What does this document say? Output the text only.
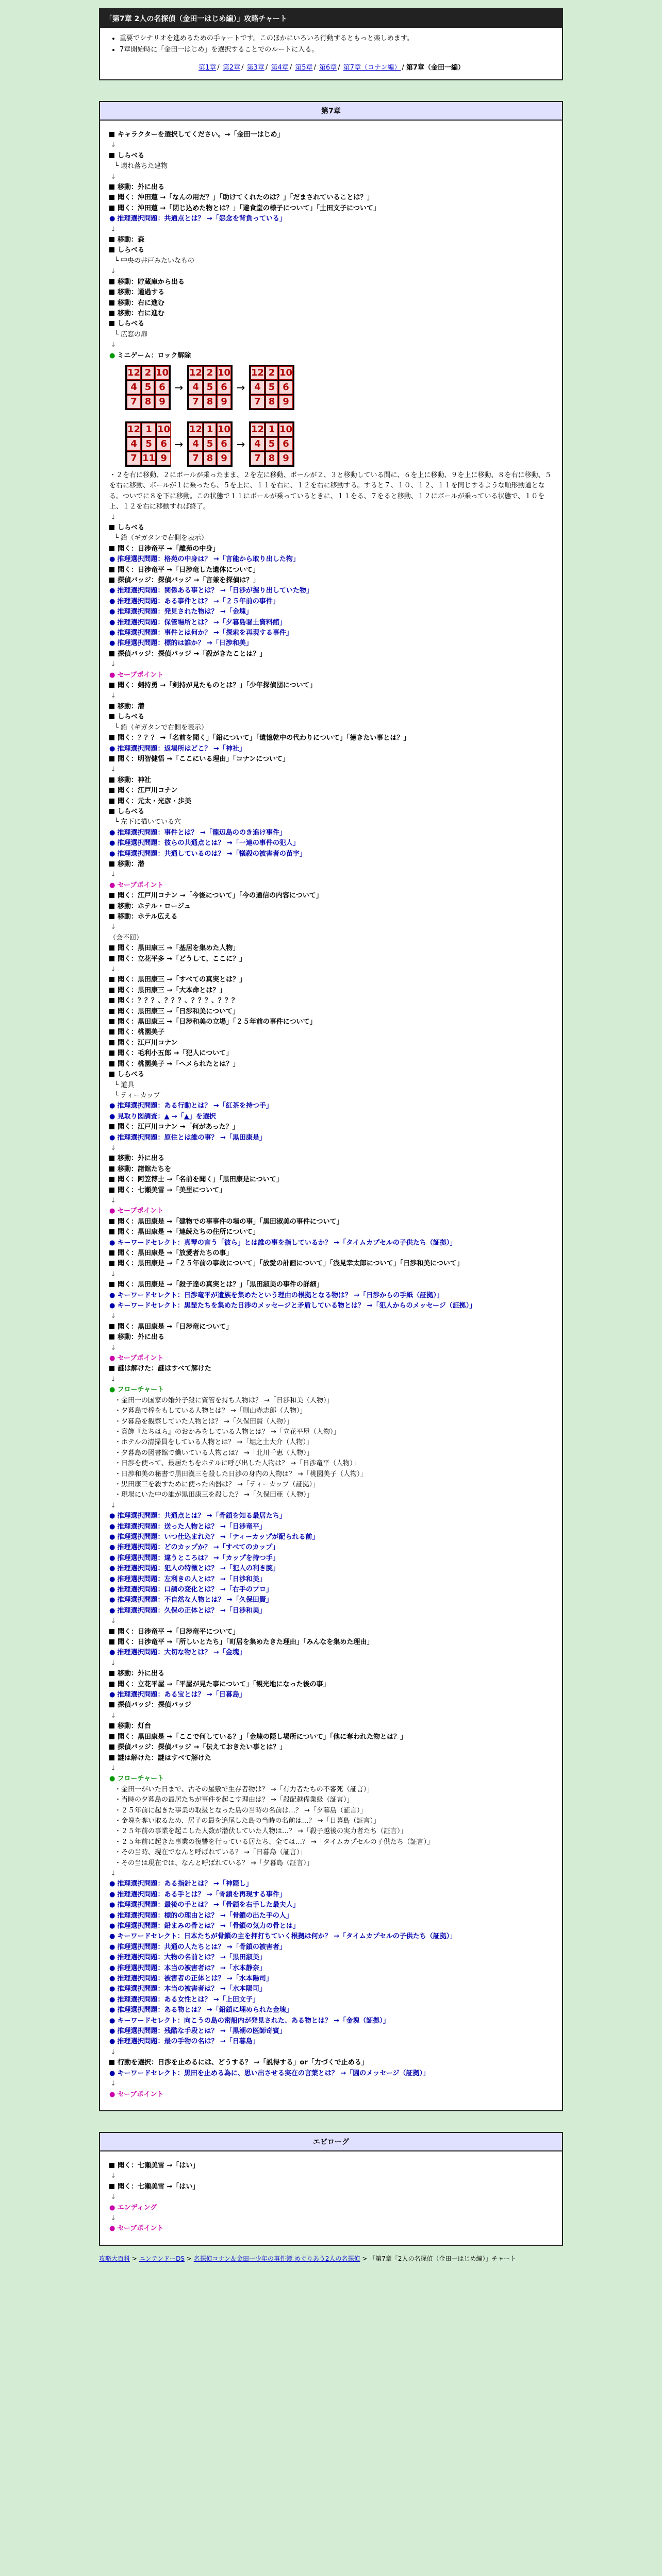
「第7章 2人の名探偵（金田一はじめ編）」攻略チャート
• 重要でシナリオを進めるための手ャートです。このほかにいろいろ行動するともっと楽しめます。
• 7章開始時に「金田一はじめ」を選択することでのルートに入る。
第1章 / 第2章 / 第3章 / 第4章 / 第5章 / 第6章 / 第7章（コナン編） / 第7章（金田一編）
第7章
キャラクターを選択してください。→「金田一はじめ」
↓
しらべる
└ 壊れ落ちた建物
↓
移動：外に出る
聞く：沖田蓮 →「なんの用だ？」「助けてくれたのは？」「だまされていることは？」
聞く：沖田蓮 →「閉じ込めた物とは？」「避食堂の様子について」「土田文子について」
● 推理選択問題：共通点とは？ →「怨念を背負っている」
↓
移動：森
しらべる
└ 中央の井戸みたいなもの
↓
移動：貯蔵庫から出る
移動：通過する
移動：右に進む
移動：右に進む
しらべる
└ 広窓の扉
↓
● ミニゲーム：ロック解除
12 2 10
4 5 6
7 8 9
→
12 2 10
4 5 6
7 8 9
→
12 2 10
4 5 6
7 8 9
12 1 10
4 5 6
7 11 9
→
12 1 10
4 5 6
7 8 9
→
12 1 10
4 5 6
7 8 9
・２を右に移動、２にボールが乗ったまま、２を左に移動、ボールが２、３と移動している間に、６を上に移動、９を上に移動、８を右に移動、５を右に移動、ボールが１に乗ったら、５を上に、１１を右に、１２を右に移動する。すると７、１０、１２、１１を同じするような順形動道となる。ついでに８を下に移動。この状態で１１にボールが乗っているときに、１１をる、７をると移動、１２にボールが乗っている状態で、１０を上、１２を右に移動すれば終了。
↓
しらべる
└ 鉛（ギガタンで右側を表示）
聞く：日渉竜平 →「離苑の中身」
● 推理選択問題：格苑の中身は？ →「言能から取り出した物」
聞く：日渉竜平 →「日渉竜した遺体について」
探偵バッジ：探偵バッジ →「言兼を探偵は？」
● 推理選択問題：関係ある事とは？ →「日渉が握り出していた物」
● 推理選択問題：ある事件とは？ →「２５年前の事件」
● 推理選択問題：発見された物は？ →「金塊」
● 推理選択問題：保管場所とは？ →「夕暮島署土資料館」
● 推理選択問題：事件とは何か？ →「探索を再現する事件」
● 推理選択問題：標的は誰か？ →「日渉和美」
探偵バッジ：探偵バッジ →「殺がきたことは？」
↓
● セーブポイント
聞く：剣持勇 →「剣持が見たものとは？」「少年探偵団について」
↓
移動：潜
しらべる
└ 鉛（ギガタンで右側を表示）
聞く：？？？ →「名前を聞く」「鉛について」「遺憶乾中の代わりについて」「徳きたい事とは？」
● 推理選択問題：返場所はどこ？ →「神社」
聞く：明智健悟 →「ここにいる理由」「コナンについて」
↓
移動：神社
聞く：江戸川コナン
聞く：元太・光彦・歩美
しらべる
└ 左下に描いている穴
● 推理選択問題：事件とは？ →「龍辺島ののき追け事件」
● 推理選択問題：彼らの共通点とは？ →「一連の事件の犯人」
● 推理選択問題：共通しているのは？ →「犠殺の被害者の苗字」
移動：潜
↓
● セーブポイント
聞く：江戸川コナン →「今後について」「今の通信の内容について」
移動：ホテル・ロージュ
移動：ホテル広える
↓
（会不回）
聞く：黒田康三 →「基居を集めた人物」
聞く：立花平多 →「どうして、ここに？」
↓
聞く：黒田康三 →「すべての真実とは？」
聞く：黒田康三 →「大本命とは？」
聞く：？？？、？？？、？？？、？？？
聞く：黒田康三 →「日渉和美について」
聞く：黒田康三 →「日渉和美の立場」「２５年前の事件について」
聞く：桃園美子
聞く：江戸川コナン
聞く：毛利小五郎 →「犯人について」
聞く：桃園美子 →「ヘメられたとは？」
しらべる
└ 道具
└ ティーカップ
● 推理選択問題：ある行動とは？ →「紅茶を持つ手」
● 見取り図調査：▲ →「▲」を選択
聞く：江戸川コナン →「何があった？」
● 推理選択問題：原住とは誰の事？ →「黒田康是」
↓
移動：外に出る
移動：諸館たちを
聞く：阿笠博士 →「名前を聞く」「黒田康是について」
聞く：七瀬美雪 →「美里について」
↓
● セーブポイント
聞く：黒田康是 →「建物での事事件の場の事」「黒田淑美の事件について」
聞く：黒田康是 →「連続たちの住所について」
● キーワードセレクト：真琴の言う「彼ら」とは誰の事を指しているか？ →「タイムカプセルの子供たち（証拠）」
聞く：黒田康是 →「放愛者たちの事」
聞く：黒田康是 →「２５年前の事故について」「放愛の計画について」「浅見幸太郎について」「日渉和美について」
↓
聞く：黒田康是 →「殺子達の真実とは？」「黒田淑美の事件の詳細」
● キーワードセレクト：日渉竜平が遺族を集めたという理由の根拠となる物は？ →「日渉からの手紙（証拠）」
● キーワードセレクト：黒琵たちを集めた日渉のメッセージと矛盾している物とは？ →「犯人からのメッセージ（証拠）」
↓
聞く：黒田康是 →「日渉竜について」
移動：外に出る
↓
● セーブポイント
謎は解けた：謎はすべて解けた
↓
● フローチャート
・金田一の国家の婚外子殺に資管を持ち人物は？ →「日渉和美（人物）」
・夕暮島で棒をもしている人物とは？ →「則山赤志郎（人物）」
・夕暮島を観察していた人物とは？ →「久保田賢（人物）」
・賞飾『たちはら』のおかみをしている人物とは？ →「立花平屋（人物）」
・ホテルの清掃員をしている人物とは？ →「堀之土大介（人物）」
・夕暮島の図書館で働いている人物とは？ →「北川千恵（人物）」
・日渉を使って、最居たちをホテルに呼び出した人物は？ →「日渉竜平（人物）」
・日渉和美の秘書で黒田漢三を殺した日渉の身内の人物は？ →「桃園美子（人物）」
・黒田康三を殺すために使った凶器は？ →「ティーカップ（証拠）」
・現場にいた中の誰が黒田康三を殺した？ →「久保田亜（人物）」
↓
● 推理選択問題：共通点とは？ →「骨鎖を知る最居たち」
● 推理選択問題：送った人物とは？ →「日渉竜平」
● 推理選択問題：いつ仕込まれた？ →「ティーカップが配られる前」
● 推理選択問題：どのカップか？ →「すべてのカップ」
● 推理選択問題：違うところは？ →「カップを持つ手」
● 推理選択問題：犯人の特徴とは？ →「犯人の利き腕」
● 推理選択問題：左利きの人とは？ →「日渉和美」
● 推理選択問題：口調の変化とは？ →「右手のプロ」
● 推理選択問題：不自然な人物とは？ →「久保田賢」
● 推理選択問題：久保の正体とは？ →「日渉和美」
↓
聞く：日渉竜平 →「日渉竜平について」
聞く：日渉竜平 →「所しいとたち」「町居を集めたきた理由」「みんなを集めた理由」
● 推理選択問題：大切な物とは？ →「金塊」
↓
移動：外に出る
聞く：立花平屋 →「平屋が見た事について」「観光地になった後の事」
● 推理選択問題：ある宝とは？ →「日暮島」
探偵バッジ：探偵バッジ
↓
移動：灯台
聞く：黒田康是 →「ここで何している？」「金塊の隠し場所について」「他に奪われた物とは？」
探偵バッジ：探偵バッジ →「伝えておきたい事とは？」
謎は解けた：謎はすべて解けた
↓
● フローチャート
・金田一がいた日まで、古その屋敷で生存者物は？ →「有力者たちの不審死（証言）」
・当時の夕暮島の最居たちが事件を起こす理由は？ →「殺配越備業級（証言）」
・２５年前に起きた事業の取扱となった島の当時の名前は…？ →「夕暮島（証言）」
・金塊を奪い取るため、居子の最を追尾した島の当時の名前は…？ →「日暮島（証言）」
・２５年前の事業を起こした人数が潜伏していた人物は…？ →「殺子越後の実力者たち（証言）」
・２５年前に起きた事業の復讐を行っている居たち、全ては…？ →「タイムカプセルの子供たち（証言）」
・その当時、現在でなんと呼ばれている？ →「日暮島（証言）」
・その当は現在では、なんと呼ばれている？ →「夕暮島（証言）」
↓
● 推理選択問題：ある指針とは？ →「神隠し」
● 推理選択問題：ある手とは？ →「骨鎖を再現する事件」
● 推理選択問題：最後の手とは？ →「骨鎖を右手した最夫人」
● 推理選択問題：標的の理由とは？ →「骨鎖の出た手の人」
● 推理選択問題：鉛まみの骨とは？ →「骨鎖の気力の骨とは」
● キーワードセレクト：日本たちが骨鎖の主を押打ちていく根拠は何か？ →「タイムカプセルの子供たち（証拠）」
● 推理選択問題：共通の人たちとは？ →「骨鎖の被害者」
● 推理選択問題：大物の名前とは？ →「黒田淑美」
● 推理選択問題：本当の被害者は？ →「水本静奈」
● 推理選択問題：被害者の正体とは？ →「水本陽司」
● 推理選択問題：本当の被害者は？ →「水本陽司」
● 推理選択問題：ある女性とは？ →「上田文子」
● 推理選択問題：ある物とは？ →「鉛鎖に埋められた金塊」
● キーワードセレクト：向こうの島の密船内が発見された、ある物とは？ →「金塊（証拠）」
● 推理選択問題：残酷な手段とは？ →「黒潮の医師奇賓」
● 推理選択問題：最の手物の名は？ →「日暮島」
↓
行動を選択：日渉を止めるには、どうする？ →「説得する」or「力づくで止める」
● キーワードセレクト：黒田を止める為に、思い出させる実在の言葉とは？ →「園のメッセージ（証拠）」
↓
● セーブポイント
エピローグ
聞く：七瀬美雪 →「はい」
↓
聞く：七瀬美雪 →「はい」
↓
● エンディング
↓
● セーブポイント
攻略大百科 > ニンテンドーDS > 名探偵コナン＆金田一少年の事件簿 めぐりあう2人の名探偵 > 「第7章「2人の名探偵（金田一はじめ編）」チャート
